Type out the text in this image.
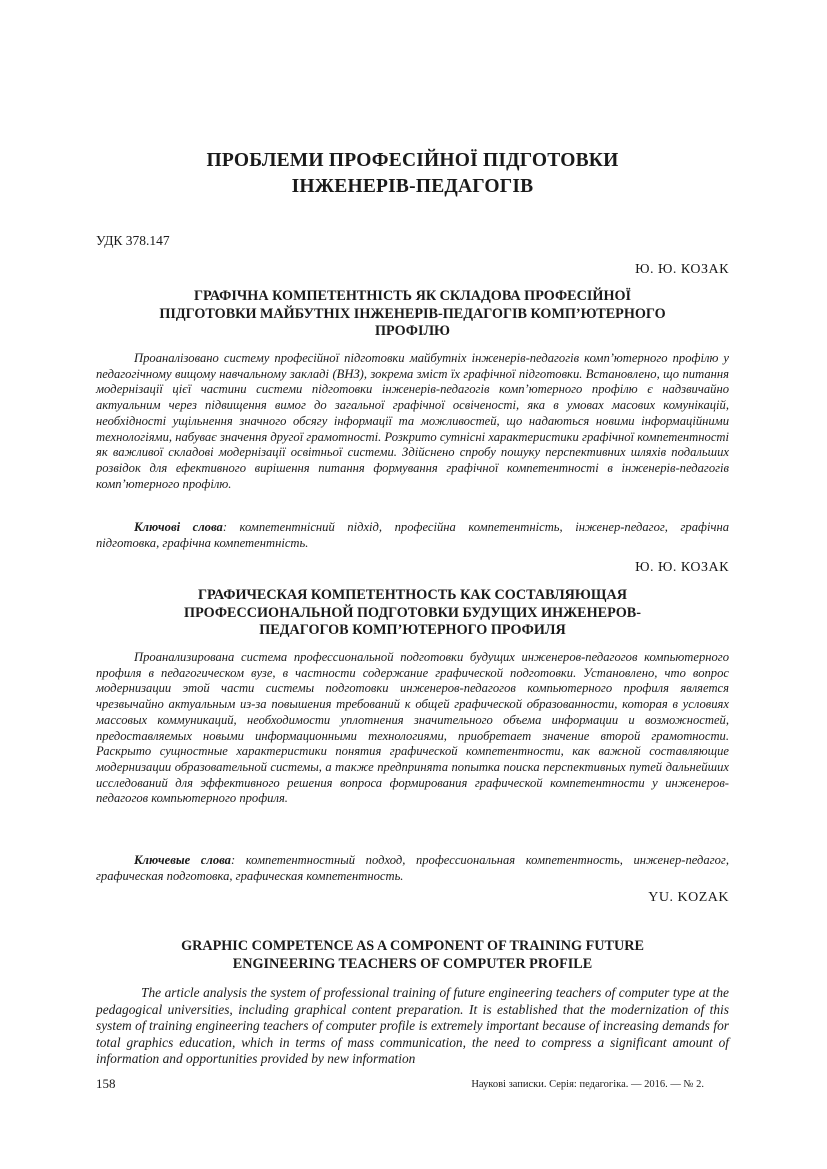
ПРОБЛЕМИ ПРОФЕСІЙНОЇ ПІДГОТОВКИ
ІНЖЕНЕРІВ-ПЕДАГОГІВ
УДК 378.147
Ю. Ю. КОЗАК
ГРАФІЧНА КОМПЕТЕНТНІСТЬ ЯК СКЛАДОВА ПРОФЕСІЙНОЇ
ПІДГОТОВКИ МАЙБУТНІХ ІНЖЕНЕРІВ-ПЕДАГОГІВ КОМП’ЮТЕРНОГО
ПРОФІЛЮ

Проаналізовано систему професійної підготовки майбутніх інженерів-педагогів комп’ютерного профілю у педагогічному вищому навчальному закладі (ВНЗ), зокрема зміст їх графічної підготовки. Встановлено, що питання модернізації цієї частини системи підготовки інженерів-педагогів комп’ютерного профілю є надзвичайно актуальним через підвищення вимог до загальної графічної освіченості, яка в умовах масових комунікацій, необхідності ущільнення значного обсягу інформації та можливостей, що надаються новими інформаційними технологіями, набуває значення другої грамотності. Розкрито сутнісні характеристики графічної компетентності як важливої складові модернізації освітньої системи. Здійснено спробу пошуку перспективних шляхів подальших розвідок для ефективного вирішення питання формування графічної компетентності в інженерів-педагогів комп’ютерного профілю.

Ключові слова: компетентнісний підхід, професійна компетентність, інженер-педагог, графічна підготовка, графічна компетентність.

Ю. Ю. КОЗАК
ГРАФИЧЕСКАЯ КОМПЕТЕНТНОСТЬ КАК СОСТАВЛЯЮЩАЯ
ПРОФЕССИОНАЛЬНОЙ ПОДГОТОВКИ БУДУЩИХ ИНЖЕНЕРОВ-
ПЕДАГОГОВ КОМП’ЮТЕРНОГО ПРОФИЛЯ

Проанализирована система профессиональной подготовки будущих инженеров-педагогов компьютерного профиля в педагогическом вузе, в частности содержание графической подготовки. Установлено, что вопрос модернизации этой части системы подготовки инженеров-педагогов компьютерного профиля является чрезвычайно актуальным из-за повышения требований к общей графической образованности, которая в условиях массовых коммуникаций, необходимости уплотнения значительного объема информации и возможностей, предоставляемых новыми информационными технологиями, приобретает значение второй грамотности. Раскрыто сущностные характеристики понятия графической компетентности, как важной составляющие модернизации образовательной системы, а также предпринята попытка поиска перспективных путей дальнейших исследований для эффективного решения вопроса формирования графической компетентности у инженеров-педагогов компьютерного профиля.

Ключевые слова: компетентностный подход, профессиональная компетентность, инженер-педагог, графическая подготовка, графическая компетентность.

YU. KOZAK
GRAPHIC COMPETENCE AS A COMPONENT OF TRAINING FUTURE
ENGINEERING TEACHERS OF COMPUTER PROFILE

The article analysis the system of professional training of future engineering teachers of computer type at the pedagogical universities, including graphical content preparation. It is established that the modernization of this system of training engineering teachers of computer profile is extremely important because of increasing demands for total graphics education, which in terms of mass communication, the need to compress a significant amount of information and opportunities provided by new information

158	Наукові записки. Серія: педагогіка. — 2016. — № 2.
